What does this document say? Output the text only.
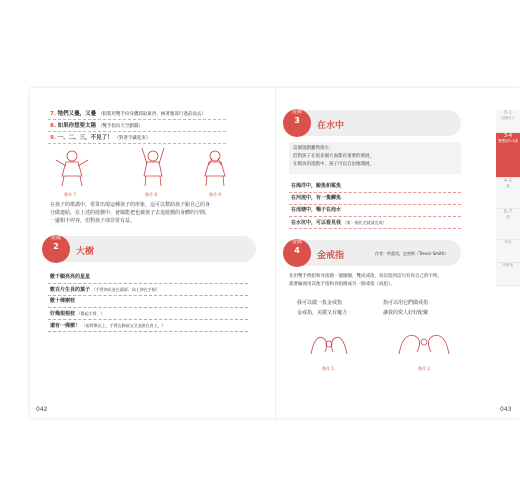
7. 牠們又疊，又疊 （假裝用雙手扮身體抓取東西，極著腹部行過前面去）
8. 如果你想要太陽 （雙手指向天空劃圓）
9. 一、二、三，不見了！ （對著手藏起來）
動作 7	動作 8	動作 9
在孩子的歌謠中，常常出現這種孩子的形象，這可以幫助孩子跟自己的身
分做連結，在上述的遊戲中，爸媽能把也被孩子去追遊戲的身體的空間，
一邊相不停容，但對孩子卻非常有益。
遊戲
2
大樹
數千顆亮亮的星星
數百片生長的葉子 （手臂伸出並在頭頂，向上伸在手指）
數十棵樹枝
好幾根根枝 （舉起手臂，）
還有一棵樹！ （兩臂舉在上，手臂在胸前交叉並排在肩上。）
042
遊戲
3
在水中
這個遊戲雖然很少，
但對孩子在很多個方面都有重要的發展，
在模仿的遊戲中，孩子可以自由地開展。
在海洋中，鯨魚和鯊魚
在河流中，有一隻鱒魚
在池塘中，鴨子在泡水
在水坑中，可以看見我 （第一個比完就該完成）
遊戲
4
金戒指	作者：特蕾西，史密斯（Trevor Smith）
先用雙手拇指和食指圍一個圈圈，雙成戒指，每次唸到這句有你自己的字時，
就要輪流用其他手指和食指圍成另一個戒指（成指）。
我可以做一枚金戒指
金戒指，美麗又有魔力
指可以用它們做戒指
讓我的愛人好好配戴
動作 1	動作 2
043
0-1
初識孩子
3-4
寶寶到3-4歲
4-5
歲
6-7
歲
幼兒
學齡前
